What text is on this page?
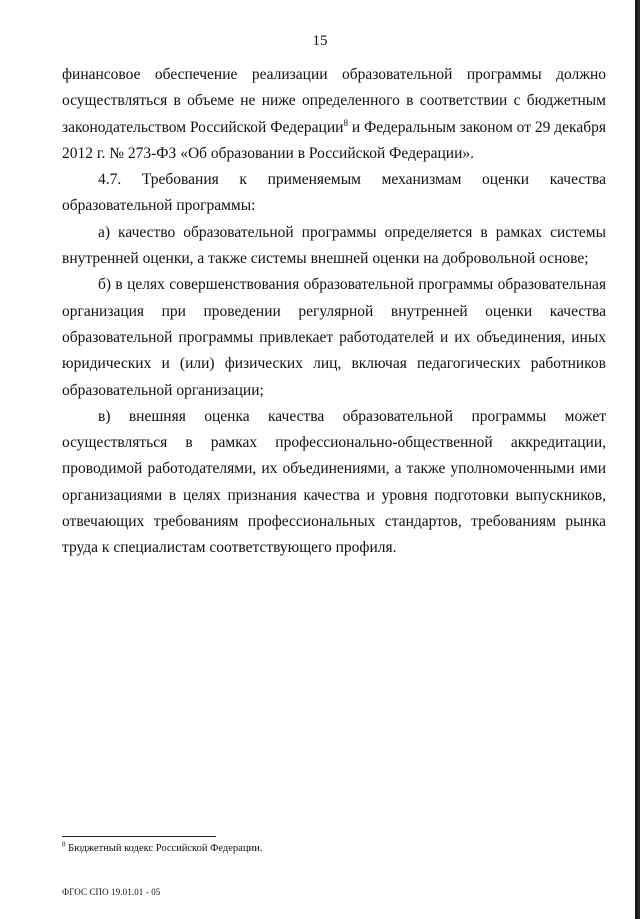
15

финансовое обеспечение реализации образовательной программы должно осуществляться в объеме не ниже определенного в соответствии с бюджетным законодательством Российской Федерации$^8$ и Федеральным законом от 29 декабря 2012 г. № 273-ФЗ «Об образовании в Российской Федерации».

4.7. Требования к применяемым механизмам оценки качества образовательной программы:

а) качество образовательной программы определяется в рамках системы внутренней оценки, а также системы внешней оценки на добровольной основе;

б) в целях совершенствования образовательной программы образовательная организация при проведении регулярной внутренней оценки качества образовательной программы привлекает работодателей и их объединения, иных юридических и (или) физических лиц, включая педагогических работников образовательной организации;

в) внешняя оценка качества образовательной программы может осуществляться в рамках профессионально-общественной аккредитации, проводимой работодателями, их объединениями, а также уполномоченными ими организациями в целях признания качества и уровня подготовки выпускников, отвечающих требованиям профессиональных стандартов, требованиям рынка труда к специалистам соответствующего профиля.

$^8$ Бюджетный кодекс Российской Федерации.
ФГОС СПО 19.01.01 - 05
